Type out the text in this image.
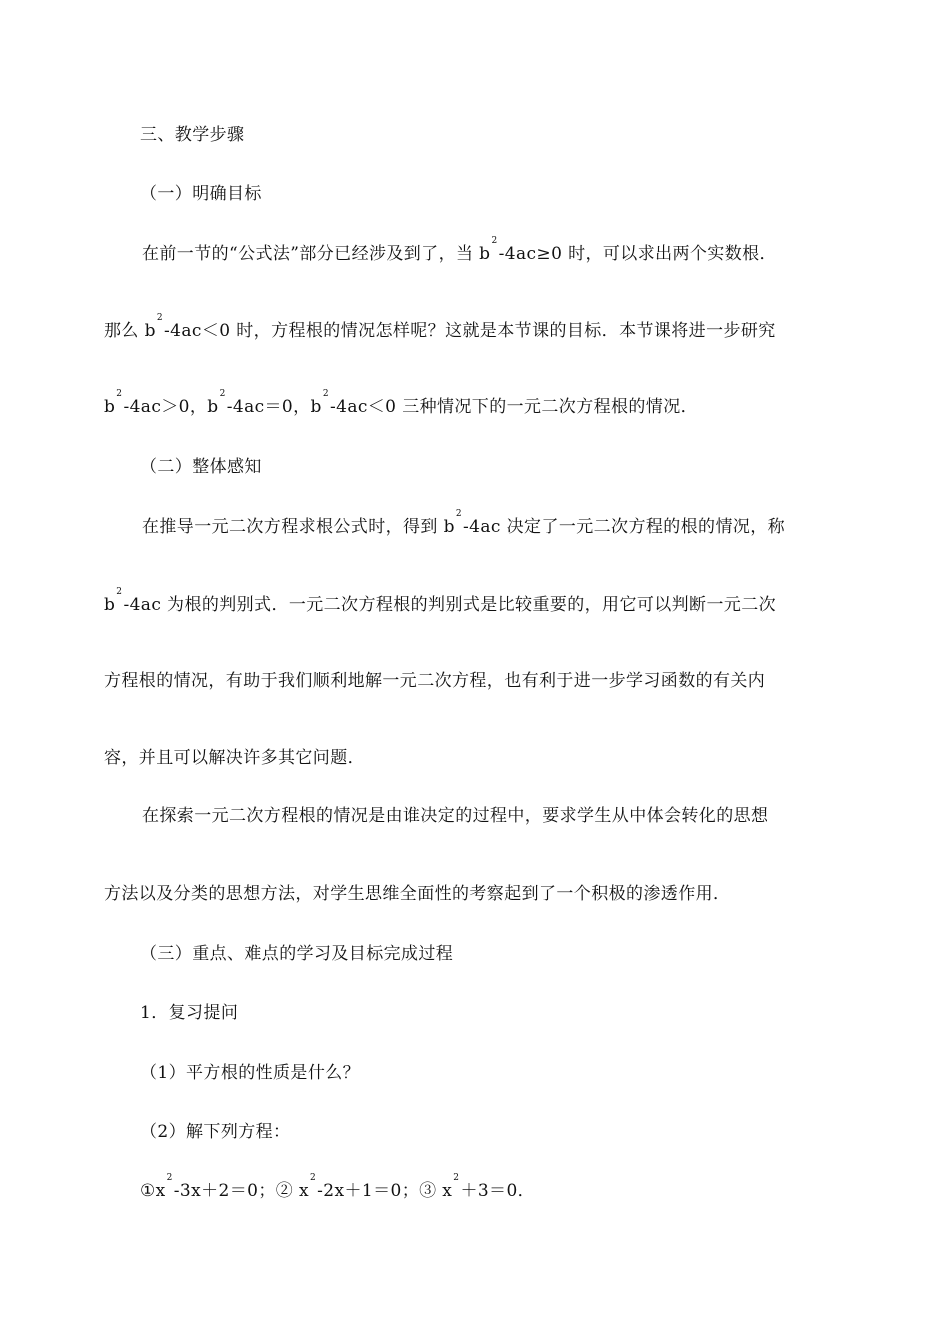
三、教学步骤
（一）明确目标
在前一节的“公式法”部分已经涉及到了，当 $b^2-4ac\ge 0$ 时，可以求出两个实数根．
那么 $b^2-4ac<0$ 时，方程根的情况怎样呢？这就是本节课的目标．本节课将进一步研究
$b^2-4ac>0$，$b^2-4ac=0$，$b^2-4ac<0$ 三种情况下的一元二次方程根的情况．
（二）整体感知
在推导一元二次方程求根公式时，得到 $b^2-4ac$ 决定了一元二次方程的根的情况，称
$b^2-4ac$ 为根的判别式．一元二次方程根的判别式是比较重要的，用它可以判断一元二次
方程根的情况，有助于我们顺利地解一元二次方程，也有利于进一步学习函数的有关内
容，并且可以解决许多其它问题．
在探索一元二次方程根的情况是由谁决定的过程中，要求学生从中体会转化的思想
方法以及分类的思想方法，对学生思维全面性的考察起到了一个积极的渗透作用．
（三）重点、难点的学习及目标完成过程
1．复习提问
（1）平方根的性质是什么？
（2）解下列方程：
$①x^2-3x+2=0$；② $x^2-2x+1=0$；③ $x^2+3=0$．
